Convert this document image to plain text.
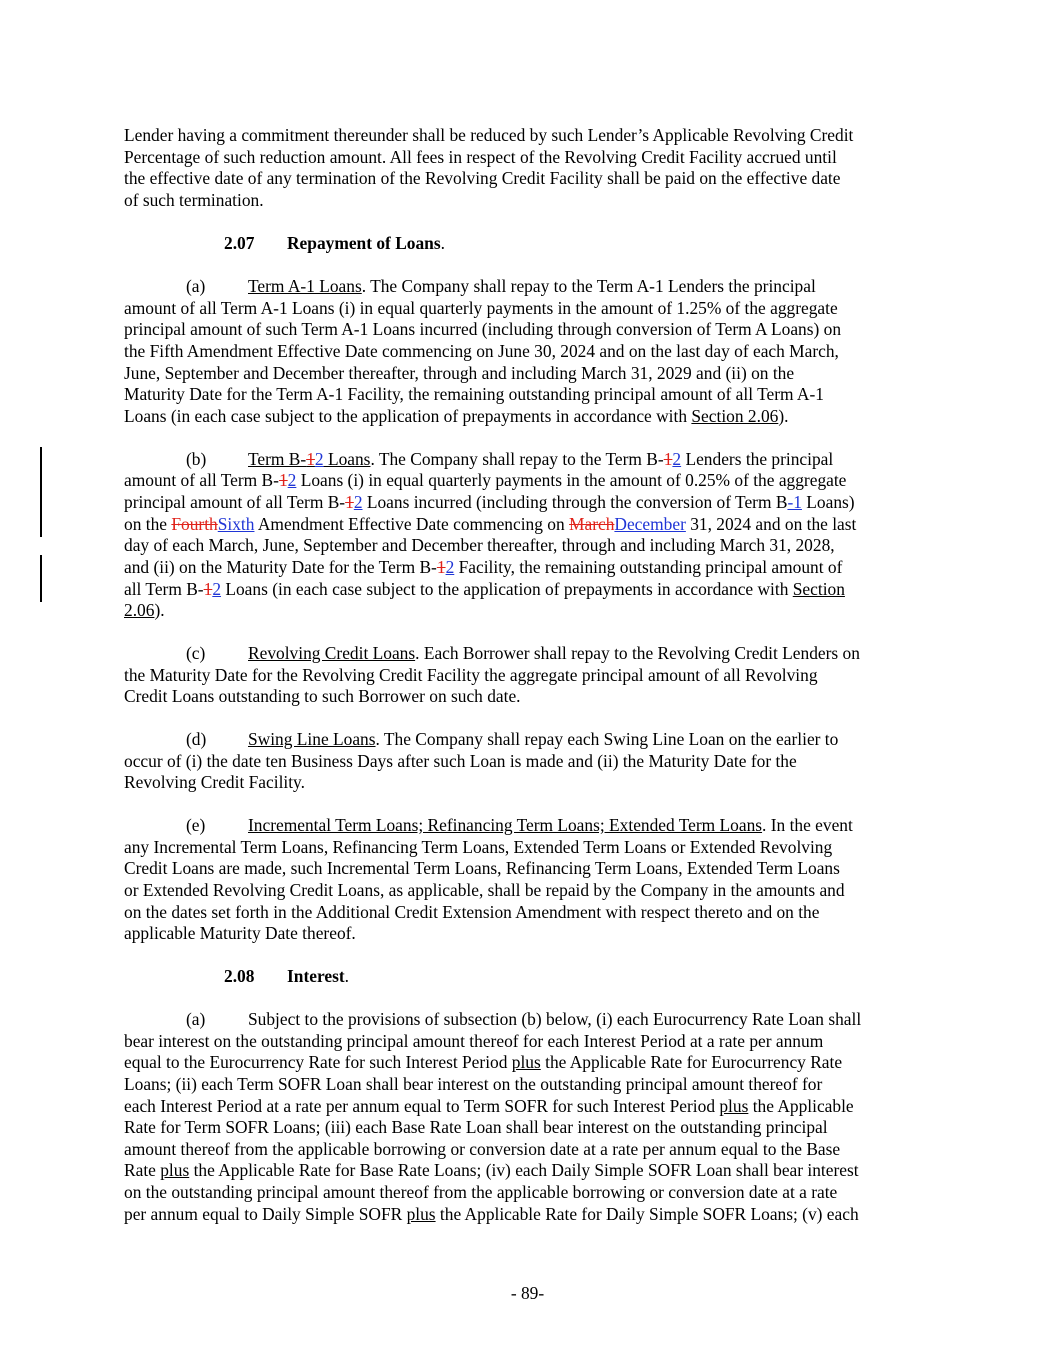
Lender having a commitment thereunder shall be reduced by such Lender’s Applicable Revolving Credit
Percentage of such reduction amount. All fees in respect of the Revolving Credit Facility accrued until
the effective date of any termination of the Revolving Credit Facility shall be paid on the effective date
of such termination.
2.07 Repayment of Loans.
(a) Term A-1 Loans. The Company shall repay to the Term A-1 Lenders the principal
amount of all Term A-1 Loans (i) in equal quarterly payments in the amount of 1.25% of the aggregate
principal amount of such Term A-1 Loans incurred (including through conversion of Term A Loans) on
the Fifth Amendment Effective Date commencing on June 30, 2024 and on the last day of each March,
June, September and December thereafter, through and including March 31, 2029 and (ii) on the
Maturity Date for the Term A-1 Facility, the remaining outstanding principal amount of all Term A-1
Loans (in each case subject to the application of prepayments in accordance with Section 2.06).
(b) Term B-12 Loans. The Company shall repay to the Term B-12 Lenders the principal
amount of all Term B-12 Loans (i) in equal quarterly payments in the amount of 0.25% of the aggregate
principal amount of all Term B-12 Loans incurred (including through the conversion of Term B-1 Loans)
on the FourthSixth Amendment Effective Date commencing on MarchDecember 31, 2024 and on the last
day of each March, June, September and December thereafter, through and including March 31, 2028,
and (ii) on the Maturity Date for the Term B-12 Facility, the remaining outstanding principal amount of
all Term B-12 Loans (in each case subject to the application of prepayments in accordance with Section
2.06).
(c) Revolving Credit Loans. Each Borrower shall repay to the Revolving Credit Lenders on
the Maturity Date for the Revolving Credit Facility the aggregate principal amount of all Revolving
Credit Loans outstanding to such Borrower on such date.
(d) Swing Line Loans. The Company shall repay each Swing Line Loan on the earlier to
occur of (i) the date ten Business Days after such Loan is made and (ii) the Maturity Date for the
Revolving Credit Facility.
(e) Incremental Term Loans; Refinancing Term Loans; Extended Term Loans. In the event
any Incremental Term Loans, Refinancing Term Loans, Extended Term Loans or Extended Revolving
Credit Loans are made, such Incremental Term Loans, Refinancing Term Loans, Extended Term Loans
or Extended Revolving Credit Loans, as applicable, shall be repaid by the Company in the amounts and
on the dates set forth in the Additional Credit Extension Amendment with respect thereto and on the
applicable Maturity Date thereof.
2.08 Interest.
(a) Subject to the provisions of subsection (b) below, (i) each Eurocurrency Rate Loan shall
bear interest on the outstanding principal amount thereof for each Interest Period at a rate per annum
equal to the Eurocurrency Rate for such Interest Period plus the Applicable Rate for Eurocurrency Rate
Loans; (ii) each Term SOFR Loan shall bear interest on the outstanding principal amount thereof for
each Interest Period at a rate per annum equal to Term SOFR for such Interest Period plus the Applicable
Rate for Term SOFR Loans; (iii) each Base Rate Loan shall bear interest on the outstanding principal
amount thereof from the applicable borrowing or conversion date at a rate per annum equal to the Base
Rate plus the Applicable Rate for Base Rate Loans; (iv) each Daily Simple SOFR Loan shall bear interest
on the outstanding principal amount thereof from the applicable borrowing or conversion date at a rate
per annum equal to Daily Simple SOFR plus the Applicable Rate for Daily Simple SOFR Loans; (v) each
- 89-
